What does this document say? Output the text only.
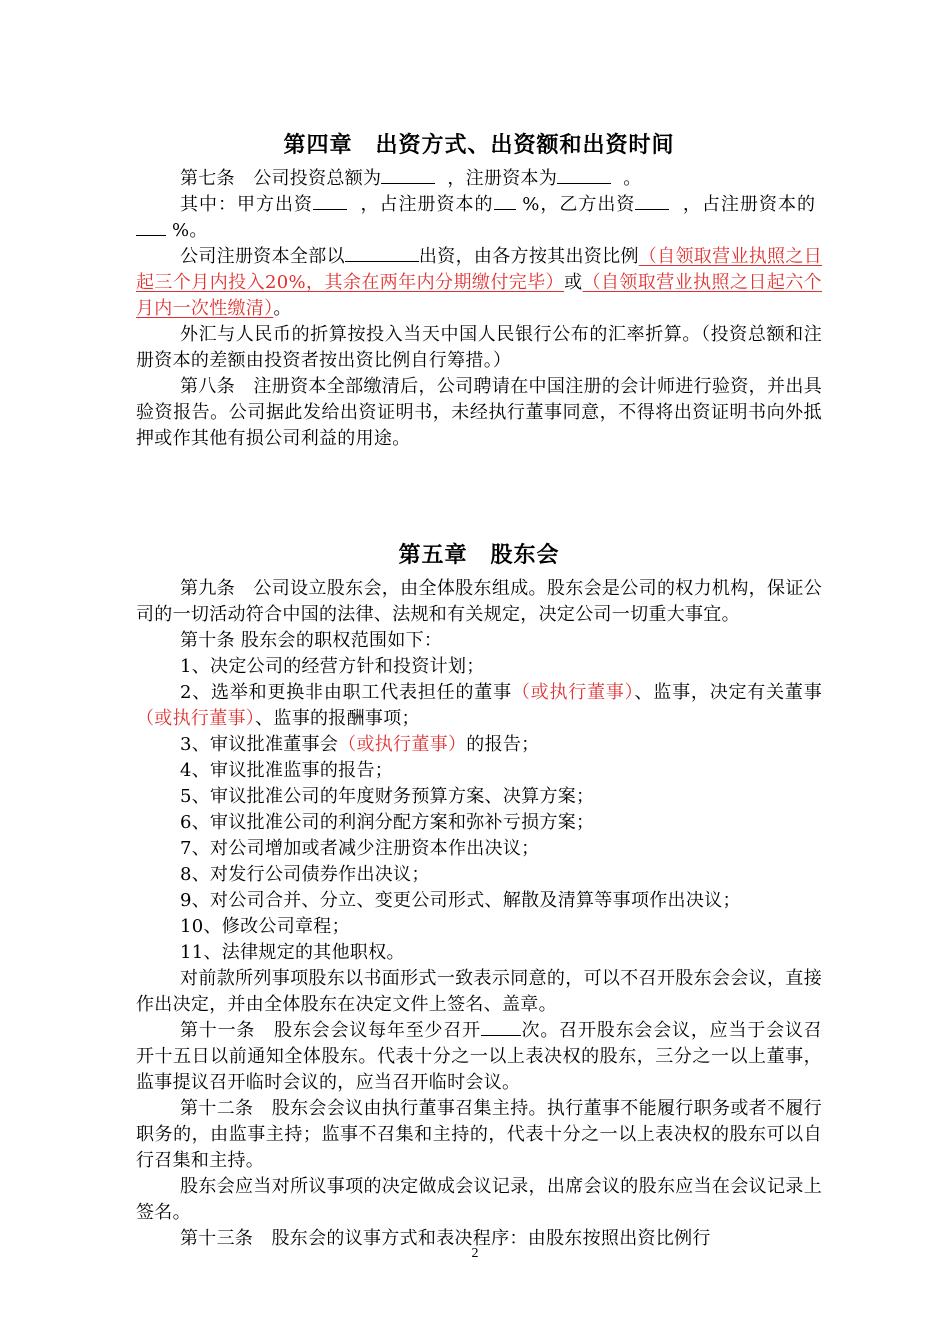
第四章　出资方式、出资额和出资时间

第七条　公司投资总额为	，注册资本为	。

其中：甲方出资	，占注册资本的 %，乙方出资	，占注册资本的  %。

公司注册资本全部以	出资，由各方按其出资比例（自领取营业执照之日起三个月内投入20%，其余在两年内分期缴付完毕）或（自领取营业执照之日起六个月内一次性缴清）。

外汇与人民币的折算按投入当天中国人民银行公布的汇率折算。（投资总额和注册资本的差额由投资者按出资比例自行筹措。）

第八条　注册资本全部缴清后，公司聘请在中国注册的会计师进行验资，并出具验资报告。公司据此发给出资证明书，未经执行董事同意，不得将出资证明书向外抵押或作其他有损公司利益的用途。

第五章　股东会

第九条　公司设立股东会，由全体股东组成。股东会是公司的权力机构，保证公司的一切活动符合中国的法律、法规和有关规定，决定公司一切重大事宜。

第十条 股东会的职权范围如下：

1、决定公司的经营方针和投资计划；

2、选举和更换非由职工代表担任的董事（或执行董事）、监事，决定有关董事（或执行董事）、监事的报酬事项；

3、审议批准董事会（或执行董事）的报告；

4、审议批准监事的报告；

5、审议批准公司的年度财务预算方案、决算方案；

6、审议批准公司的利润分配方案和弥补亏损方案；

7、对公司增加或者减少注册资本作出决议；

8、对发行公司债券作出决议；

9、对公司合并、分立、变更公司形式、解散及清算等事项作出决议；

10、修改公司章程；

11、法律规定的其他职权。

对前款所列事项股东以书面形式一致表示同意的，可以不召开股东会会议，直接作出决定，并由全体股东在决定文件上签名、盖章。

第十一条　股东会会议每年至少召开 次。召开股东会会议，应当于会议召开十五日以前通知全体股东。代表十分之一以上表决权的股东，三分之一以上董事，监事提议召开临时会议的，应当召开临时会议。

第十二条　股东会会议由执行董事召集主持。执行董事不能履行职务或者不履行职务的，由监事主持；监事不召集和主持的，代表十分之一以上表决权的股东可以自行召集和主持。

股东会应当对所议事项的决定做成会议记录，出席会议的股东应当在会议记录上签名。

第十三条　股东会的议事方式和表决程序：由股东按照出资比例行

2
